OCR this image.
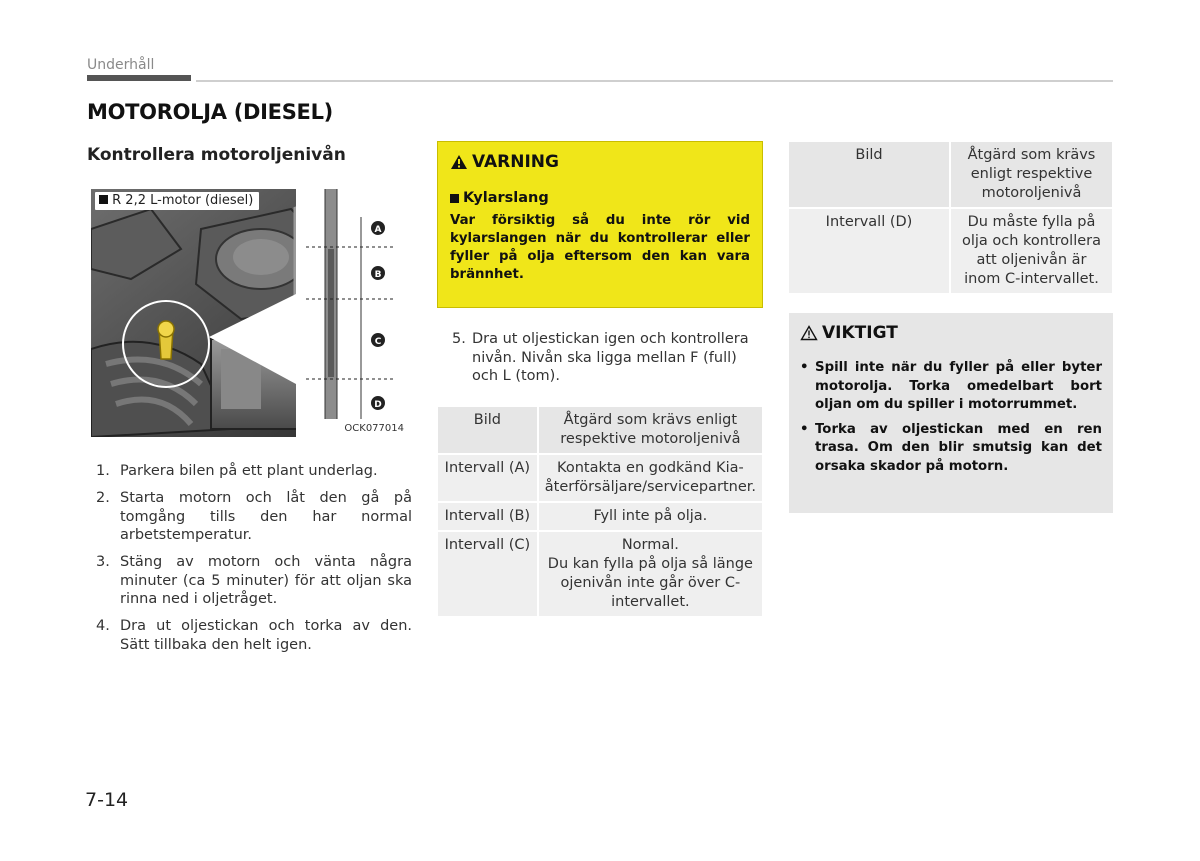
Underhåll
MOTOROLJA (DIESEL)
Kontrollera motoroljenivån
A
B
C
D
R 2,2 L-motor (diesel)
OCK077014
1. Parkera bilen på ett plant underlag.
2. Starta motorn och låt den gå på tomgång tills den har normal arbetstemperatur.
3. Stäng av motorn och vänta några minuter (ca 5 minuter) för att oljan ska rinna ned i oljetråget.
4. Dra ut oljestickan och torka av den. Sätt tillbaka den helt igen.
VARNING
Kylarslang
Var försiktig så du inte rör vid kylarslangen när du kontrollerar eller fyller på olja eftersom den kan vara brännhet.
5. Dra ut oljestickan igen och kontrollera nivån. Nivån ska ligga mellan F (full) och L (tom).
Bild	Åtgärd som krävs enligt respektive motoroljenivå
Intervall (A)	Kontakta en godkänd Kia-återförsäljare/servicepartner.
Intervall (B)	Fyll inte på olja.
Intervall (C)	Normal.
Du kan fylla på olja så länge ojenivån inte går över C-intervallet.
Bild	Åtgärd som krävs enligt respektive motoroljenivå
Intervall (D)	Du måste fylla på olja och kontrollera att oljenivån är inom C-intervallet.
VIKTIGT
• Spill inte när du fyller på eller byter motorolja. Torka omedelbart bort oljan om du spiller i motorrummet.
• Torka av oljestickan med en ren trasa. Om den blir smutsig kan det orsaka skador på motorn.
7-14
